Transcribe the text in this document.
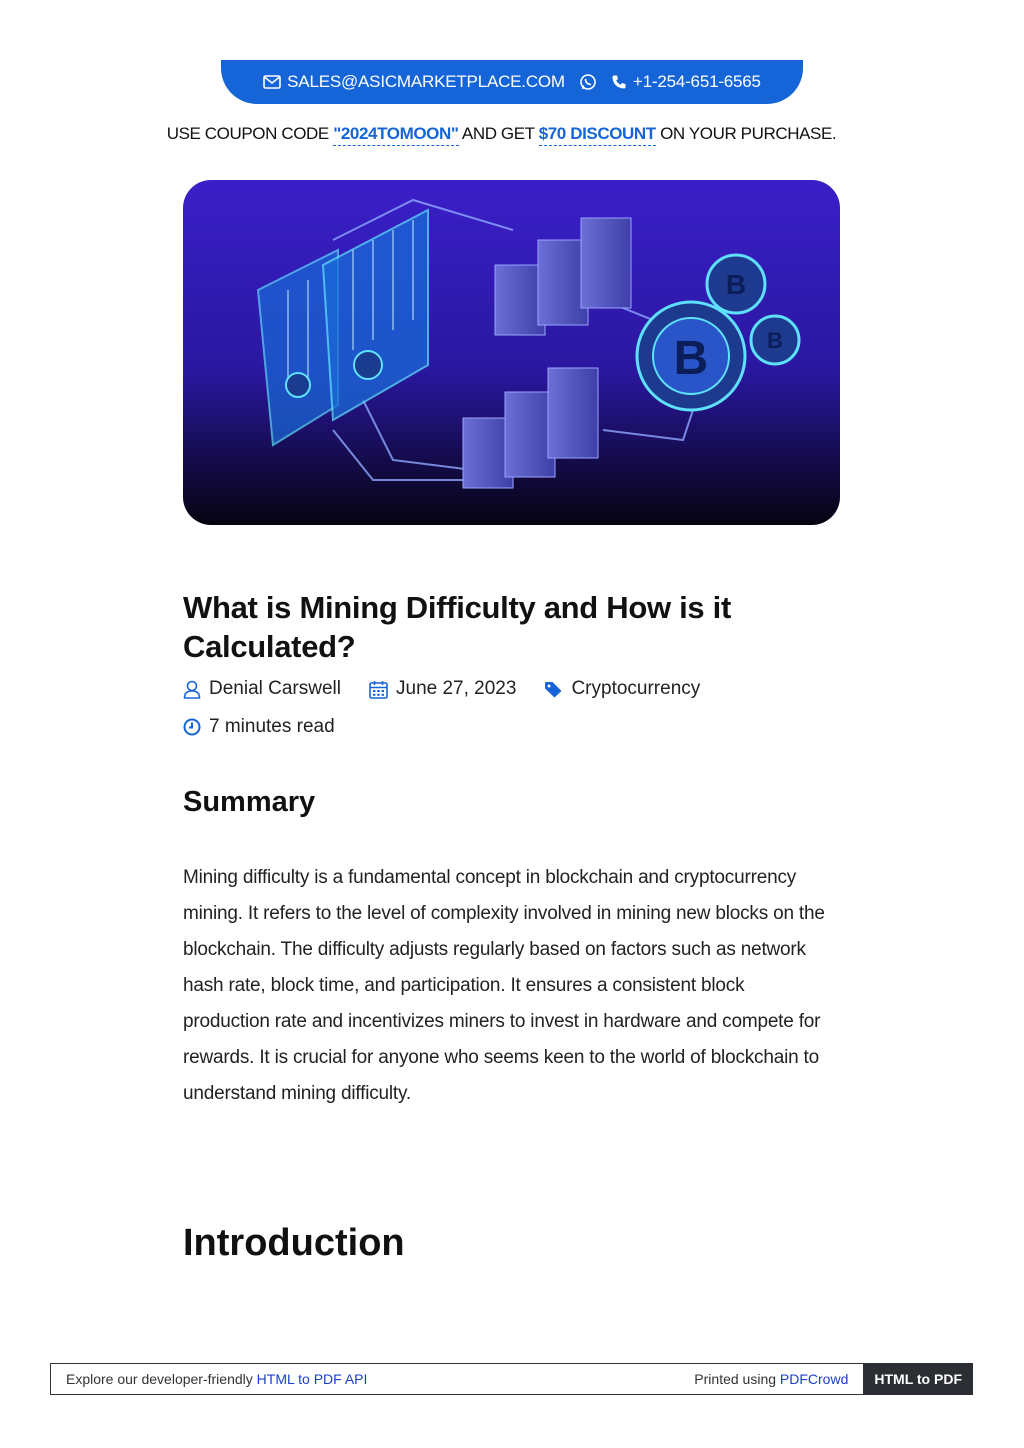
SALES@ASICMARKETPLACE.COM	+1-254-651-6565
USE COUPON CODE "2024TOMOON" AND GET $70 DISCOUNT ON YOUR PURCHASE.
B
B
B
What is Mining Difficulty and How is it Calculated?
Denial Carswell	June 27, 2023	Cryptocurrency
7 minutes read
Summary
Mining difficulty is a fundamental concept in blockchain and cryptocurrency mining. It refers to the level of complexity involved in mining new blocks on the blockchain. The difficulty adjusts regularly based on factors such as network hash rate, block time, and participation. It ensures a consistent block production rate and incentivizes miners to invest in hardware and compete for rewards. It is crucial for anyone who seems keen to the world of blockchain to understand mining difficulty.
Introduction
Explore our developer-friendly HTML to PDF API	Printed using PDFCrowd	HTML to PDF
